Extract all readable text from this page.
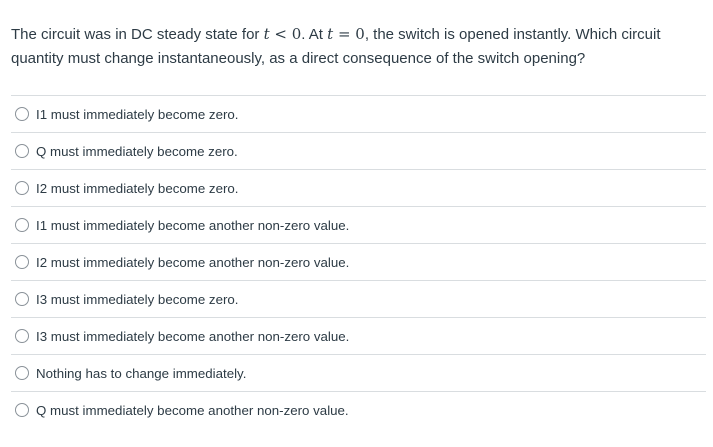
The circuit was in DC steady state for t < 0. At t = 0, the switch is opened instantly. Which circuit quantity must change instantaneously, as a direct consequence of the switch opening?
I1 must immediately become zero.
Q must immediately become zero.
I2 must immediately become zero.
I1 must immediately become another non-zero value.
I2 must immediately become another non-zero value.
I3 must immediately become zero.
I3 must immediately become another non-zero value.
Nothing has to change immediately.
Q must immediately become another non-zero value.
